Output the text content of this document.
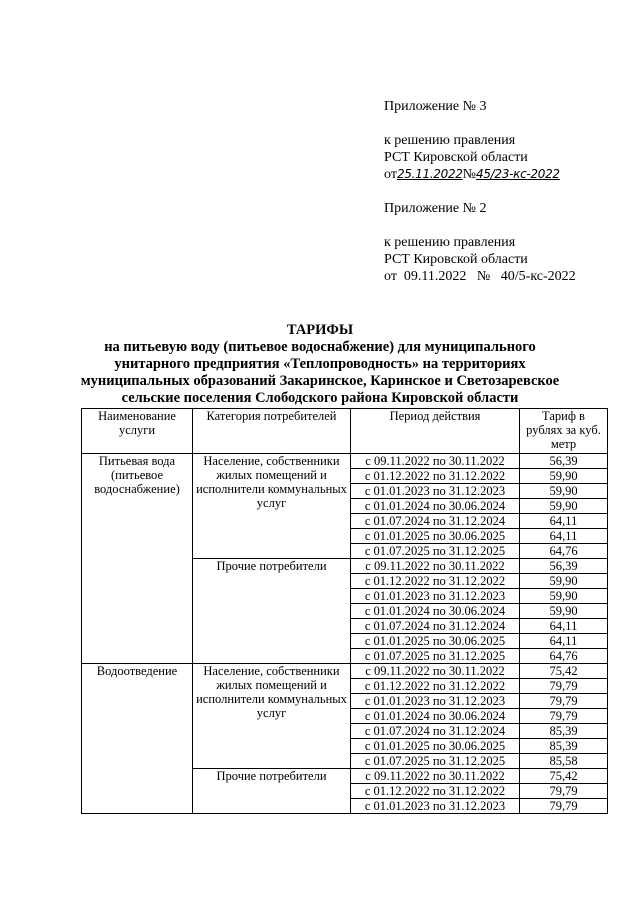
Приложение № 3
к решению правления
РСТ Кировской области
от25.11.2022№45/23-кс-2022
Приложение № 2
к решению правления
РСТ Кировской области
от  09.11.2022   №   40/5-кс-2022
ТАРИФЫ
на питьевую воду (питьевое водоснабжение) для муниципального
унитарного предприятия «Теплопроводность» на территориях
муниципальных образований Закаринское, Каринское и Светозаревское
сельские поселения Слободского района Кировской области
Наименование услуги	Категория потребителей	Период действия	Тариф в рублях за куб. метр
Питьевая вода (питьевое водоснабжение)	Население, собственники жилых помещений и исполнители коммунальных услуг	с 09.11.2022 по 30.11.2022	56,39
		с 01.12.2022 по 31.12.2022	59,90
		с 01.01.2023 по 31.12.2023	59,90
		с 01.01.2024 по 30.06.2024	59,90
		с 01.07.2024 по 31.12.2024	64,11
		с 01.01.2025 по 30.06.2025	64,11
		с 01.07.2025 по 31.12.2025	64,76
	Прочие потребители	с 09.11.2022 по 30.11.2022	56,39
		с 01.12.2022 по 31.12.2022	59,90
		с 01.01.2023 по 31.12.2023	59,90
		с 01.01.2024 по 30.06.2024	59,90
		с 01.07.2024 по 31.12.2024	64,11
		с 01.01.2025 по 30.06.2025	64,11
		с 01.07.2025 по 31.12.2025	64,76
Водоотведение	Население, собственники жилых помещений и исполнители коммунальных услуг	с 09.11.2022 по 30.11.2022	75,42
		с 01.12.2022 по 31.12.2022	79,79
		с 01.01.2023 по 31.12.2023	79,79
		с 01.01.2024 по 30.06.2024	79,79
		с 01.07.2024 по 31.12.2024	85,39
		с 01.01.2025 по 30.06.2025	85,39
		с 01.07.2025 по 31.12.2025	85,58
	Прочие потребители	с 09.11.2022 по 30.11.2022	75,42
		с 01.12.2022 по 31.12.2022	79,79
		с 01.01.2023 по 31.12.2023	79,79
